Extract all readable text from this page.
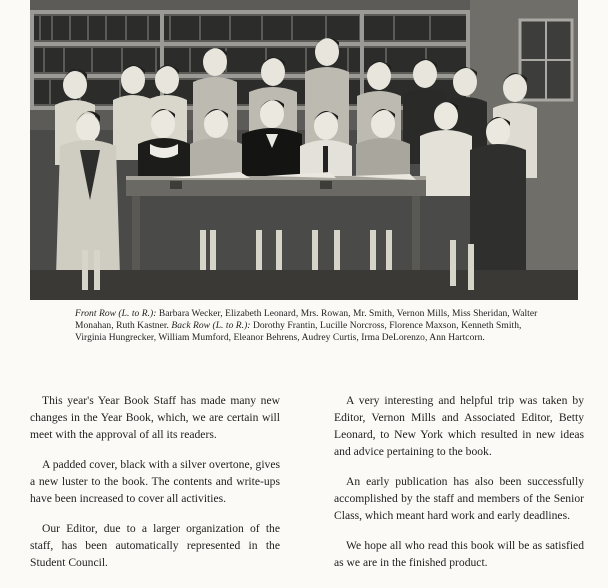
Front Row (L. to R.): Barbara Wecker, Elizabeth Leonard, Mrs. Rowan, Mr. Smith, Vernon Mills, Miss Sheridan, Walter Monahan, Ruth Kastner. Back Row (L. to R.): Dorothy Frantin, Lucille Norcross, Florence Maxson, Kenneth Smith, Virginia Hungrecker, William Mumford, Eleanor Behrens, Audrey Curtis, Irma DeLorenzo, Ann Hartcorn.

This year's Year Book Staff has made many new changes in the Year Book, which, we are certain will meet with the approval of all its readers.

A padded cover, black with a silver overtone, gives a new luster to the book. The contents and write-ups have been increased to cover all activities.

Our Editor, due to a larger organization of the staff, has been automatically represented in the Student Council.

A very interesting and helpful trip was taken by Editor, Vernon Mills and Associated Editor, Betty Leonard, to New York which resulted in new ideas and advice pertaining to the book.

An early publication has also been successfully accomplished by the staff and members of the Senior Class, which meant hard work and early deadlines.

We hope all who read this book will be as satisfied as we are in the finished product.
